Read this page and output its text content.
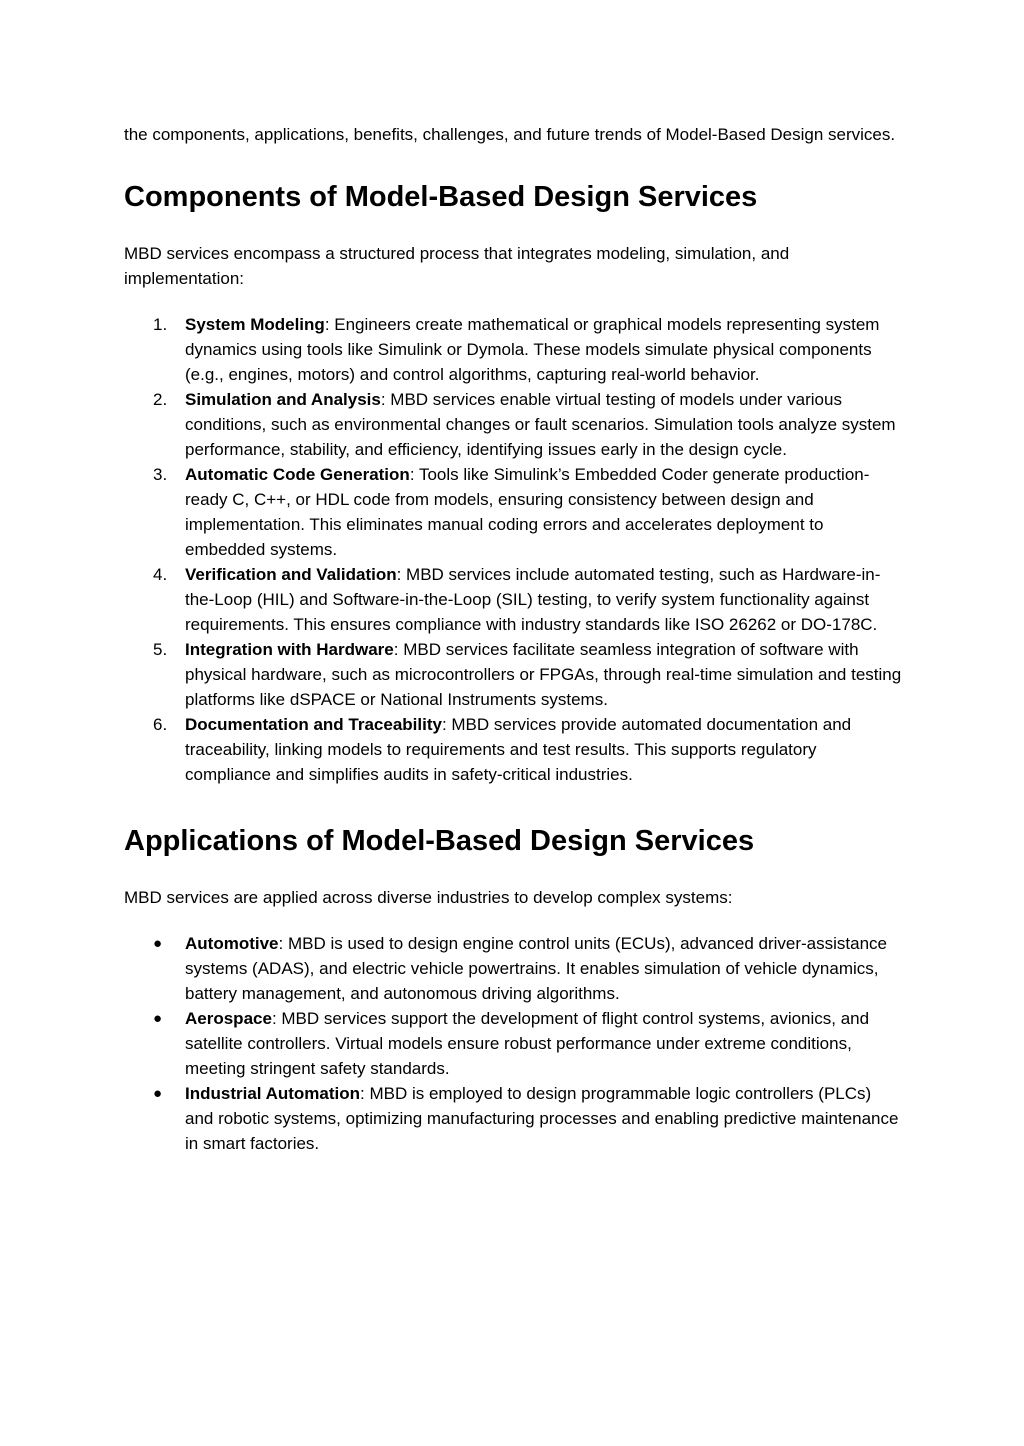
the components, applications, benefits, challenges, and future trends of Model-Based Design services.

Components of Model-Based Design Services

MBD services encompass a structured process that integrates modeling, simulation, and implementation:

1. System Modeling: Engineers create mathematical or graphical models representing system dynamics using tools like Simulink or Dymola. These models simulate physical components (e.g., engines, motors) and control algorithms, capturing real-world behavior.
2. Simulation and Analysis: MBD services enable virtual testing of models under various conditions, such as environmental changes or fault scenarios. Simulation tools analyze system performance, stability, and efficiency, identifying issues early in the design cycle.
3. Automatic Code Generation: Tools like Simulink’s Embedded Coder generate production-ready C, C++, or HDL code from models, ensuring consistency between design and implementation. This eliminates manual coding errors and accelerates deployment to embedded systems.
4. Verification and Validation: MBD services include automated testing, such as Hardware-in-the-Loop (HIL) and Software-in-the-Loop (SIL) testing, to verify system functionality against requirements. This ensures compliance with industry standards like ISO 26262 or DO-178C.
5. Integration with Hardware: MBD services facilitate seamless integration of software with physical hardware, such as microcontrollers or FPGAs, through real-time simulation and testing platforms like dSPACE or National Instruments systems.
6. Documentation and Traceability: MBD services provide automated documentation and traceability, linking models to requirements and test results. This supports regulatory compliance and simplifies audits in safety-critical industries.
Applications of Model-Based Design Services

MBD services are applied across diverse industries to develop complex systems:

● Automotive: MBD is used to design engine control units (ECUs), advanced driver-assistance systems (ADAS), and electric vehicle powertrains. It enables simulation of vehicle dynamics, battery management, and autonomous driving algorithms.
● Aerospace: MBD services support the development of flight control systems, avionics, and satellite controllers. Virtual models ensure robust performance under extreme conditions, meeting stringent safety standards.
● Industrial Automation: MBD is employed to design programmable logic controllers (PLCs) and robotic systems, optimizing manufacturing processes and enabling predictive maintenance in smart factories.
